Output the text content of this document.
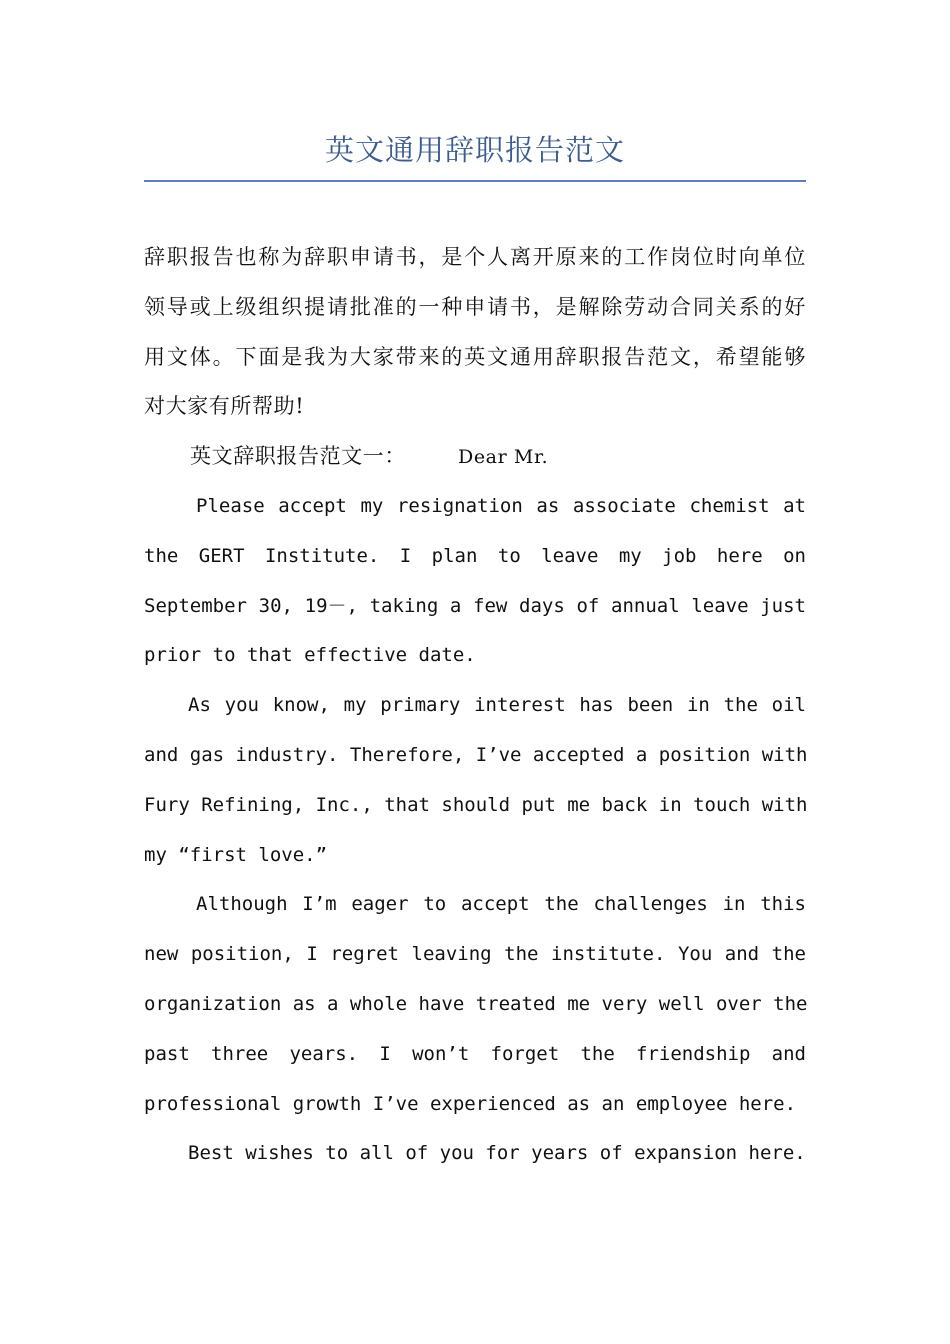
英文通用辞职报告范文
辞职报告也称为辞职申请书，是个人离开原来的工作岗位时向单位
领导或上级组织提请批准的一种申请书，是解除劳动合同关系的好
用文体。下面是我为大家带来的英文通用辞职报告范文，希望能够
对大家有所帮助!
英文辞职报告范文一：	Dear Mr.
Please accept my resignation as associate chemist at
the GERT Institute. I plan to leave my job here on
September 30, 19－, taking a few days of annual leave just
prior to that effective date.
As you know, my primary interest has been in the oil
and gas industry. Therefore, I’ve accepted a position with
Fury Refining, Inc., that should put me back in touch with
my “first love.”
Although I’m eager to accept the challenges in this
new position, I regret leaving the institute. You and the
organization as a whole have treated me very well over the
past three years. I won’t forget the friendship and
professional growth I’ve experienced as an employee here.
Best wishes to all of you for years of expansion here.
